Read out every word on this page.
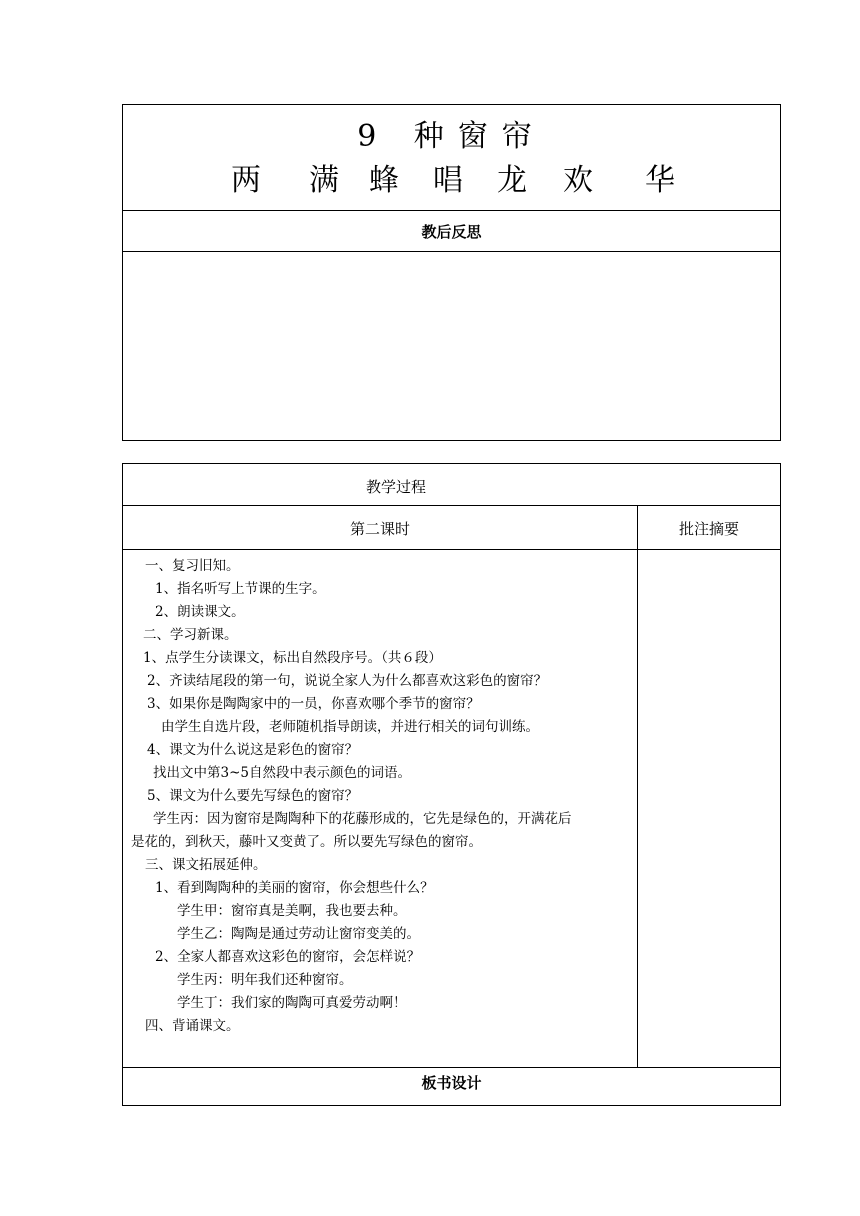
9 种窗帘
两 满 蜂 唱 龙 欢 华
教后反思
教学过程
第二课时	批注摘要
一、复习旧知。
1、指名听写上节课的生字。
2、朗读课文。
二、学习新课。
1、点学生分读课文，标出自然段序号。（共６段）
2、齐读结尾段的第一句，说说全家人为什么都喜欢这彩色的窗帘？
3、如果你是陶陶家中的一员，你喜欢哪个季节的窗帘？
由学生自选片段，老师随机指导朗读，并进行相关的词句训练。
4、课文为什么说这是彩色的窗帘？
找出文中第3~5自然段中表示颜色的词语。
5、课文为什么要先写绿色的窗帘？
学生丙：因为窗帘是陶陶种下的花藤形成的，它先是绿色的，开满花后
是花的，到秋天，藤叶又变黄了。所以要先写绿色的窗帘。
三、课文拓展延伸。
1、看到陶陶种的美丽的窗帘，你会想些什么？
学生甲：窗帘真是美啊，我也要去种。
学生乙：陶陶是通过劳动让窗帘变美的。
2、全家人都喜欢这彩色的窗帘，会怎样说？
学生丙：明年我们还种窗帘。
学生丁：我们家的陶陶可真爱劳动啊！
四、背诵课文。
板书设计
